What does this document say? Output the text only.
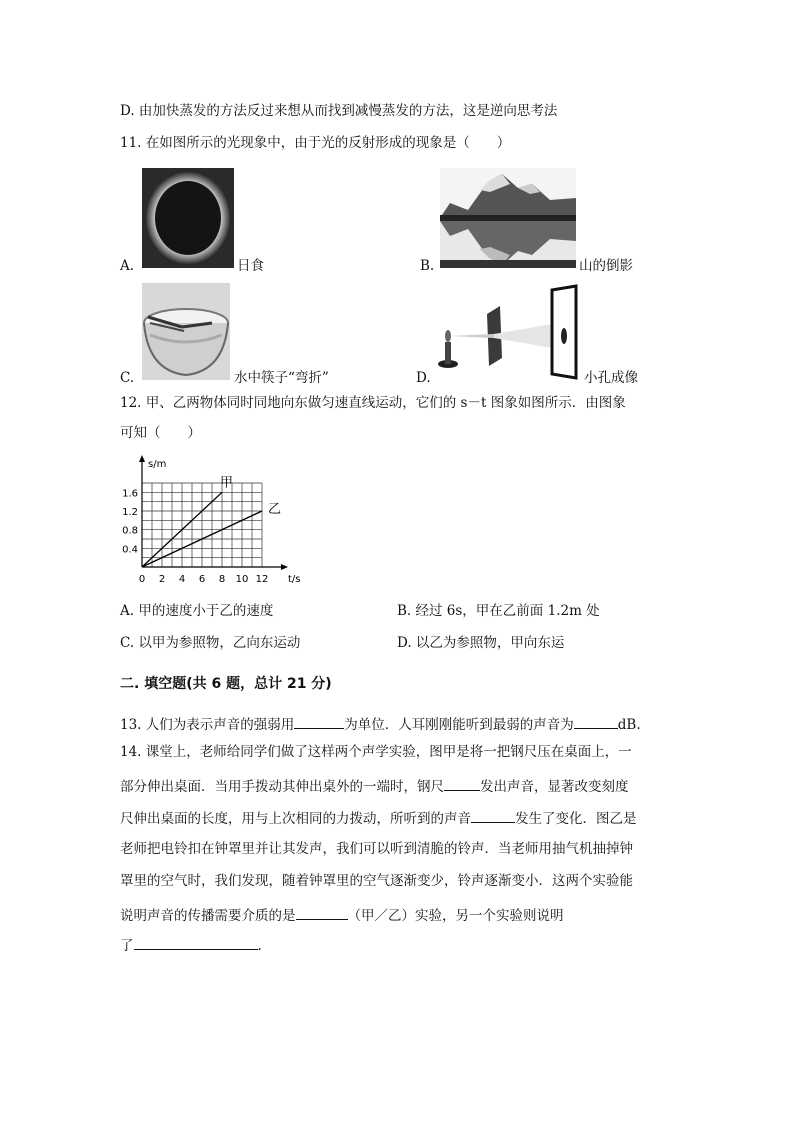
D. 由加快蒸发的方法反过来想从而找到减慢蒸发的方法，这是逆向思考法
11. 在如图所示的光现象中，由于光的反射形成的现象是（　　）
A.	日食	B.	山的倒影
C.	水中筷子“弯折”	D.	小孔成像
12. 甲、乙两物体同时同地向东做匀速直线运动，它们的 s－t 图象如图所示．由图象
可知（　　）
s/m
t/s
0 2 4 6 8 10 12
0.4
0.8
1.2
1.6
甲
乙
A. 甲的速度小于乙的速度	B. 经过 6s，甲在乙前面 1.2m 处
C. 以甲为参照物，乙向东运动	D. 以乙为参照物，甲向东运
二. 填空题(共 6 题，总计 21 分)
13. 人们为表示声音的强弱用	为单位．人耳刚刚能听到最弱的声音为	dB.
14. 课堂上，老师给同学们做了这样两个声学实验，图甲是将一把钢尺压在桌面上，一
部分伸出桌面．当用手拨动其伸出桌外的一端时，钢尺	发出声音，显著改变刻度
尺伸出桌面的长度，用与上次相同的力拨动，所听到的声音	发生了变化．图乙是
老师把电铃扣在钟罩里并让其发声，我们可以听到清脆的铃声．当老师用抽气机抽掉钟
罩里的空气时，我们发现，随着钟罩里的空气逐渐变少，铃声逐渐变小．这两个实验能
说明声音的传播需要介质的是	（甲／乙）实验，另一个实验则说明
了	.
